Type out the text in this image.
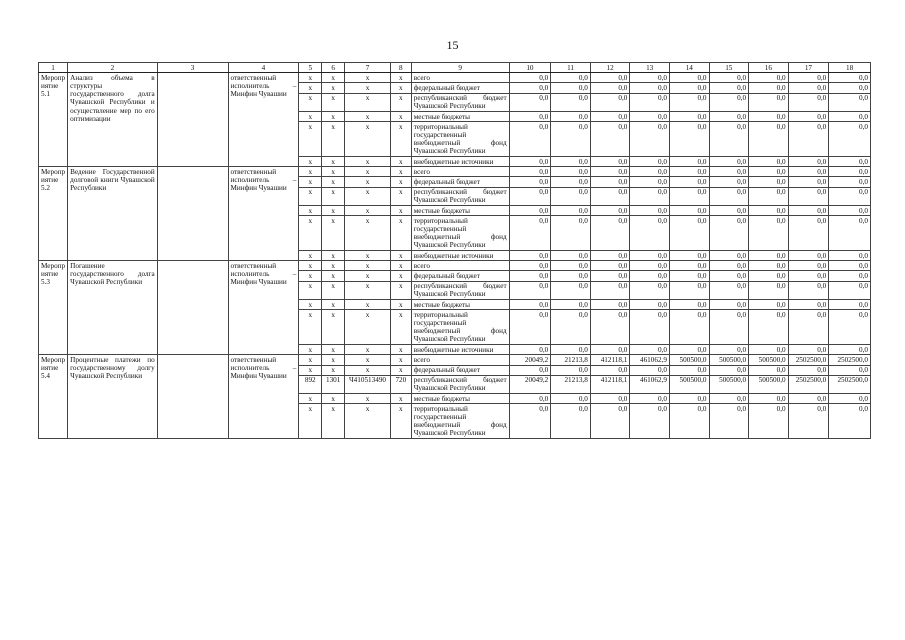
15
1	2	3	4	5	6	7	8	9	10	11	12	13	14	15	16	17	18
Мероприятие 5.1	Анализ объема в структуры государственного долга Чувашской Республики и осуществление мер по его оптимизации		ответственный исполнитель – Минфин Чувашии	x	x	x	x	всего	0,0	0,0	0,0	0,0	0,0	0,0	0,0	0,0	0,0
				x	x	x	x	федеральный бюджет	0,0	0,0	0,0	0,0	0,0	0,0	0,0	0,0	0,0
				x	x	x	x	республиканский бюджет Чувашской Республики	0,0	0,0	0,0	0,0	0,0	0,0	0,0	0,0	0,0
				x	x	x	x	местные бюджеты	0,0	0,0	0,0	0,0	0,0	0,0	0,0	0,0	0,0
				x	x	x	x	территориальный государственный внебюджетный фонд Чувашской Республики	0,0	0,0	0,0	0,0	0,0	0,0	0,0	0,0	0,0
				x	x	x	x	внебюджетные источники	0,0	0,0	0,0	0,0	0,0	0,0	0,0	0,0	0,0
Мероприятие 5.2	Ведение Государственной долговой книги Чувашской Республики		ответственный исполнитель – Минфин Чувашии	x	x	x	x	всего	0,0	0,0	0,0	0,0	0,0	0,0	0,0	0,0	0,0
				x	x	x	x	федеральный бюджет	0,0	0,0	0,0	0,0	0,0	0,0	0,0	0,0	0,0
				x	x	x	x	республиканский бюджет Чувашской Республики	0,0	0,0	0,0	0,0	0,0	0,0	0,0	0,0	0,0
				x	x	x	x	местные бюджеты	0,0	0,0	0,0	0,0	0,0	0,0	0,0	0,0	0,0
				x	x	x	x	территориальный государственный внебюджетный фонд Чувашской Республики	0,0	0,0	0,0	0,0	0,0	0,0	0,0	0,0	0,0
				x	x	x	x	внебюджетные источники	0,0	0,0	0,0	0,0	0,0	0,0	0,0	0,0	0,0
Мероприятие 5.3	Погашение государственного долга Чувашской Республики		ответственный исполнитель – Минфин Чувашии	x	x	x	x	всего	0,0	0,0	0,0	0,0	0,0	0,0	0,0	0,0	0,0
				x	x	x	x	федеральный бюджет	0,0	0,0	0,0	0,0	0,0	0,0	0,0	0,0	0,0
				x	x	x	x	республиканский бюджет Чувашской Республики	0,0	0,0	0,0	0,0	0,0	0,0	0,0	0,0	0,0
				x	x	x	x	местные бюджеты	0,0	0,0	0,0	0,0	0,0	0,0	0,0	0,0	0,0
				x	x	x	x	территориальный государственный внебюджетный фонд Чувашской Республики	0,0	0,0	0,0	0,0	0,0	0,0	0,0	0,0	0,0
				x	x	x	x	внебюджетные источники	0,0	0,0	0,0	0,0	0,0	0,0	0,0	0,0	0,0
Мероприятие 5.4	Процентные платежи по государственному долгу Чувашской Республики		ответственный исполнитель – Минфин Чувашии	x	x	x	x	всего	20049,2	21213,8	412118,1	461062,9	500500,0	500500,0	500500,0	2502500,0	2502500,0
				x	x	x	x	федеральный бюджет	0,0	0,0	0,0	0,0	0,0	0,0	0,0	0,0	0,0
				892	1301	Ч410513490	720	республиканский бюджет Чувашской Республики	20049,2	21213,8	412118,1	461062,9	500500,0	500500,0	500500,0	2502500,0	2502500,0
				x	x	x	x	местные бюджеты	0,0	0,0	0,0	0,0	0,0	0,0	0,0	0,0	0,0
				x	x	x	x	территориальный государственный внебюджетный фонд Чувашской Республики	0,0	0,0	0,0	0,0	0,0	0,0	0,0	0,0	0,0
